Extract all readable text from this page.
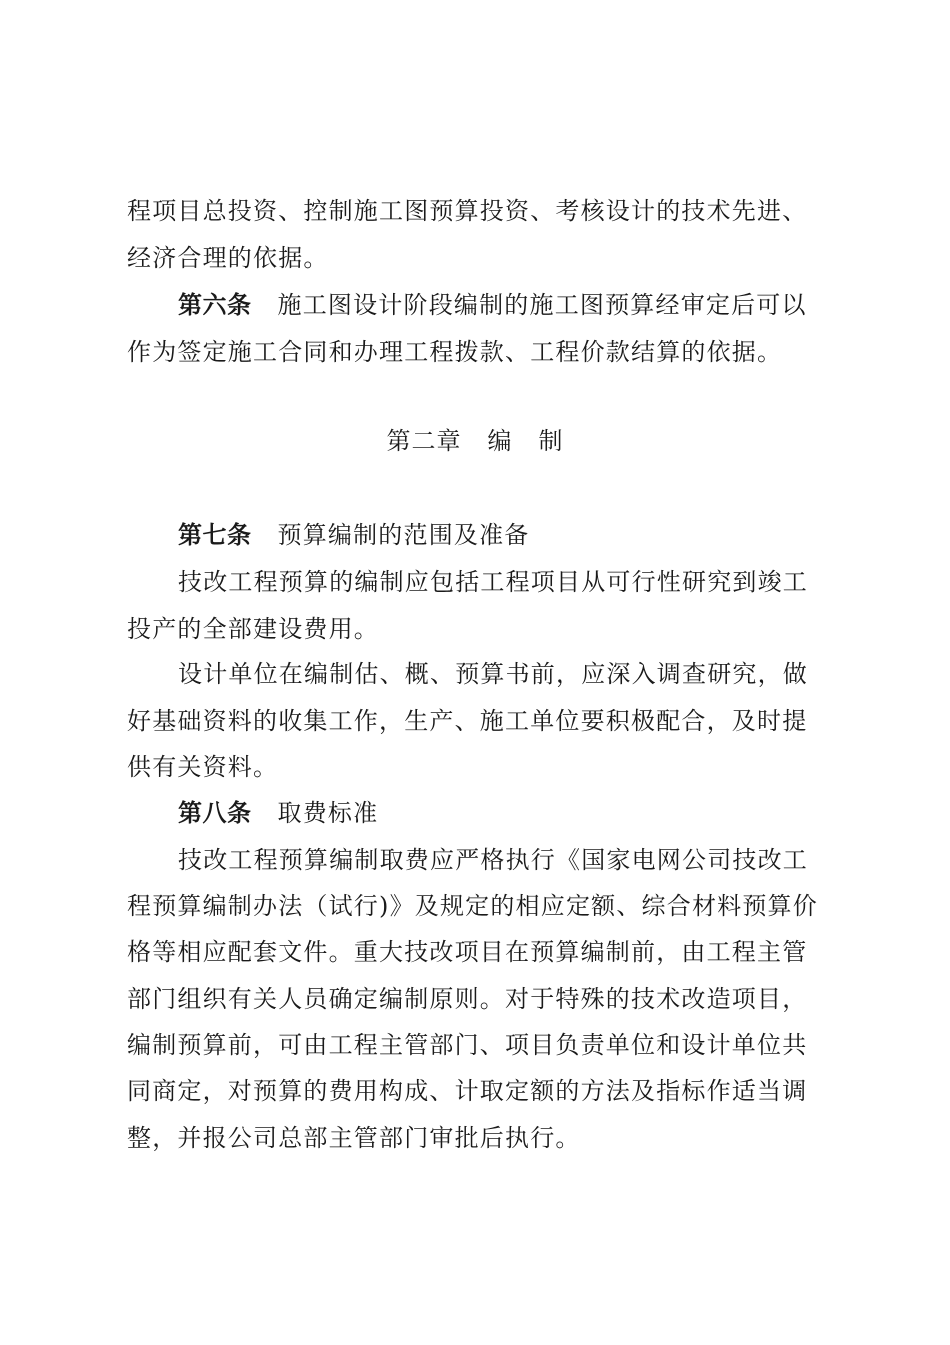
程项目总投资、控制施工图预算投资、考核设计的技术先进、
经济合理的依据。
第六条 施工图设计阶段编制的施工图预算经审定后可以
作为签定施工合同和办理工程拨款、工程价款结算的依据。
第二章 编 制
第七条 预算编制的范围及准备
技改工程预算的编制应包括工程项目从可行性研究到竣工
投产的全部建设费用。
设计单位在编制估、概、预算书前，应深入调查研究，做
好基础资料的收集工作，生产、施工单位要积极配合，及时提
供有关资料。
第八条 取费标准
技改工程预算编制取费应严格执行《国家电网公司技改工
程预算编制办法（试行)》及规定的相应定额、综合材料预算价
格等相应配套文件。重大技改项目在预算编制前，由工程主管
部门组织有关人员确定编制原则。对于特殊的技术改造项目，
编制预算前，可由工程主管部门、项目负责单位和设计单位共
同商定，对预算的费用构成、计取定额的方法及指标作适当调
整，并报公司总部主管部门审批后执行。
